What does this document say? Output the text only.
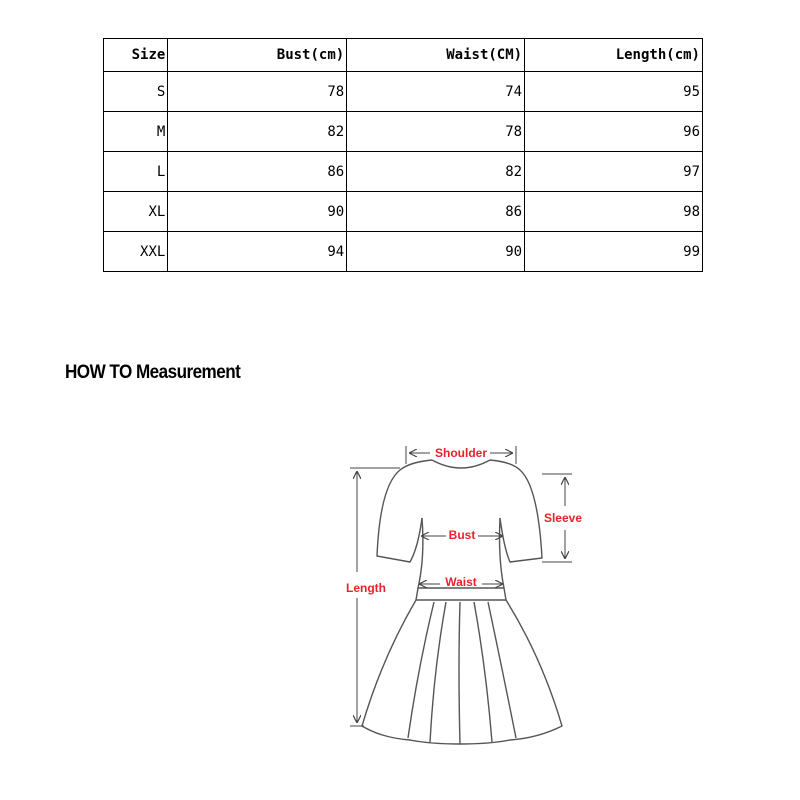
Size	Bust(cm)	Waist(CM)	Length(cm)
S	78	74	95
M	82	78	96
L	86	82	97
XL	90	86	98
XXL	94	90	99
HOW TO Measurement
Shoulder
Sleeve
Bust
Waist
Length
